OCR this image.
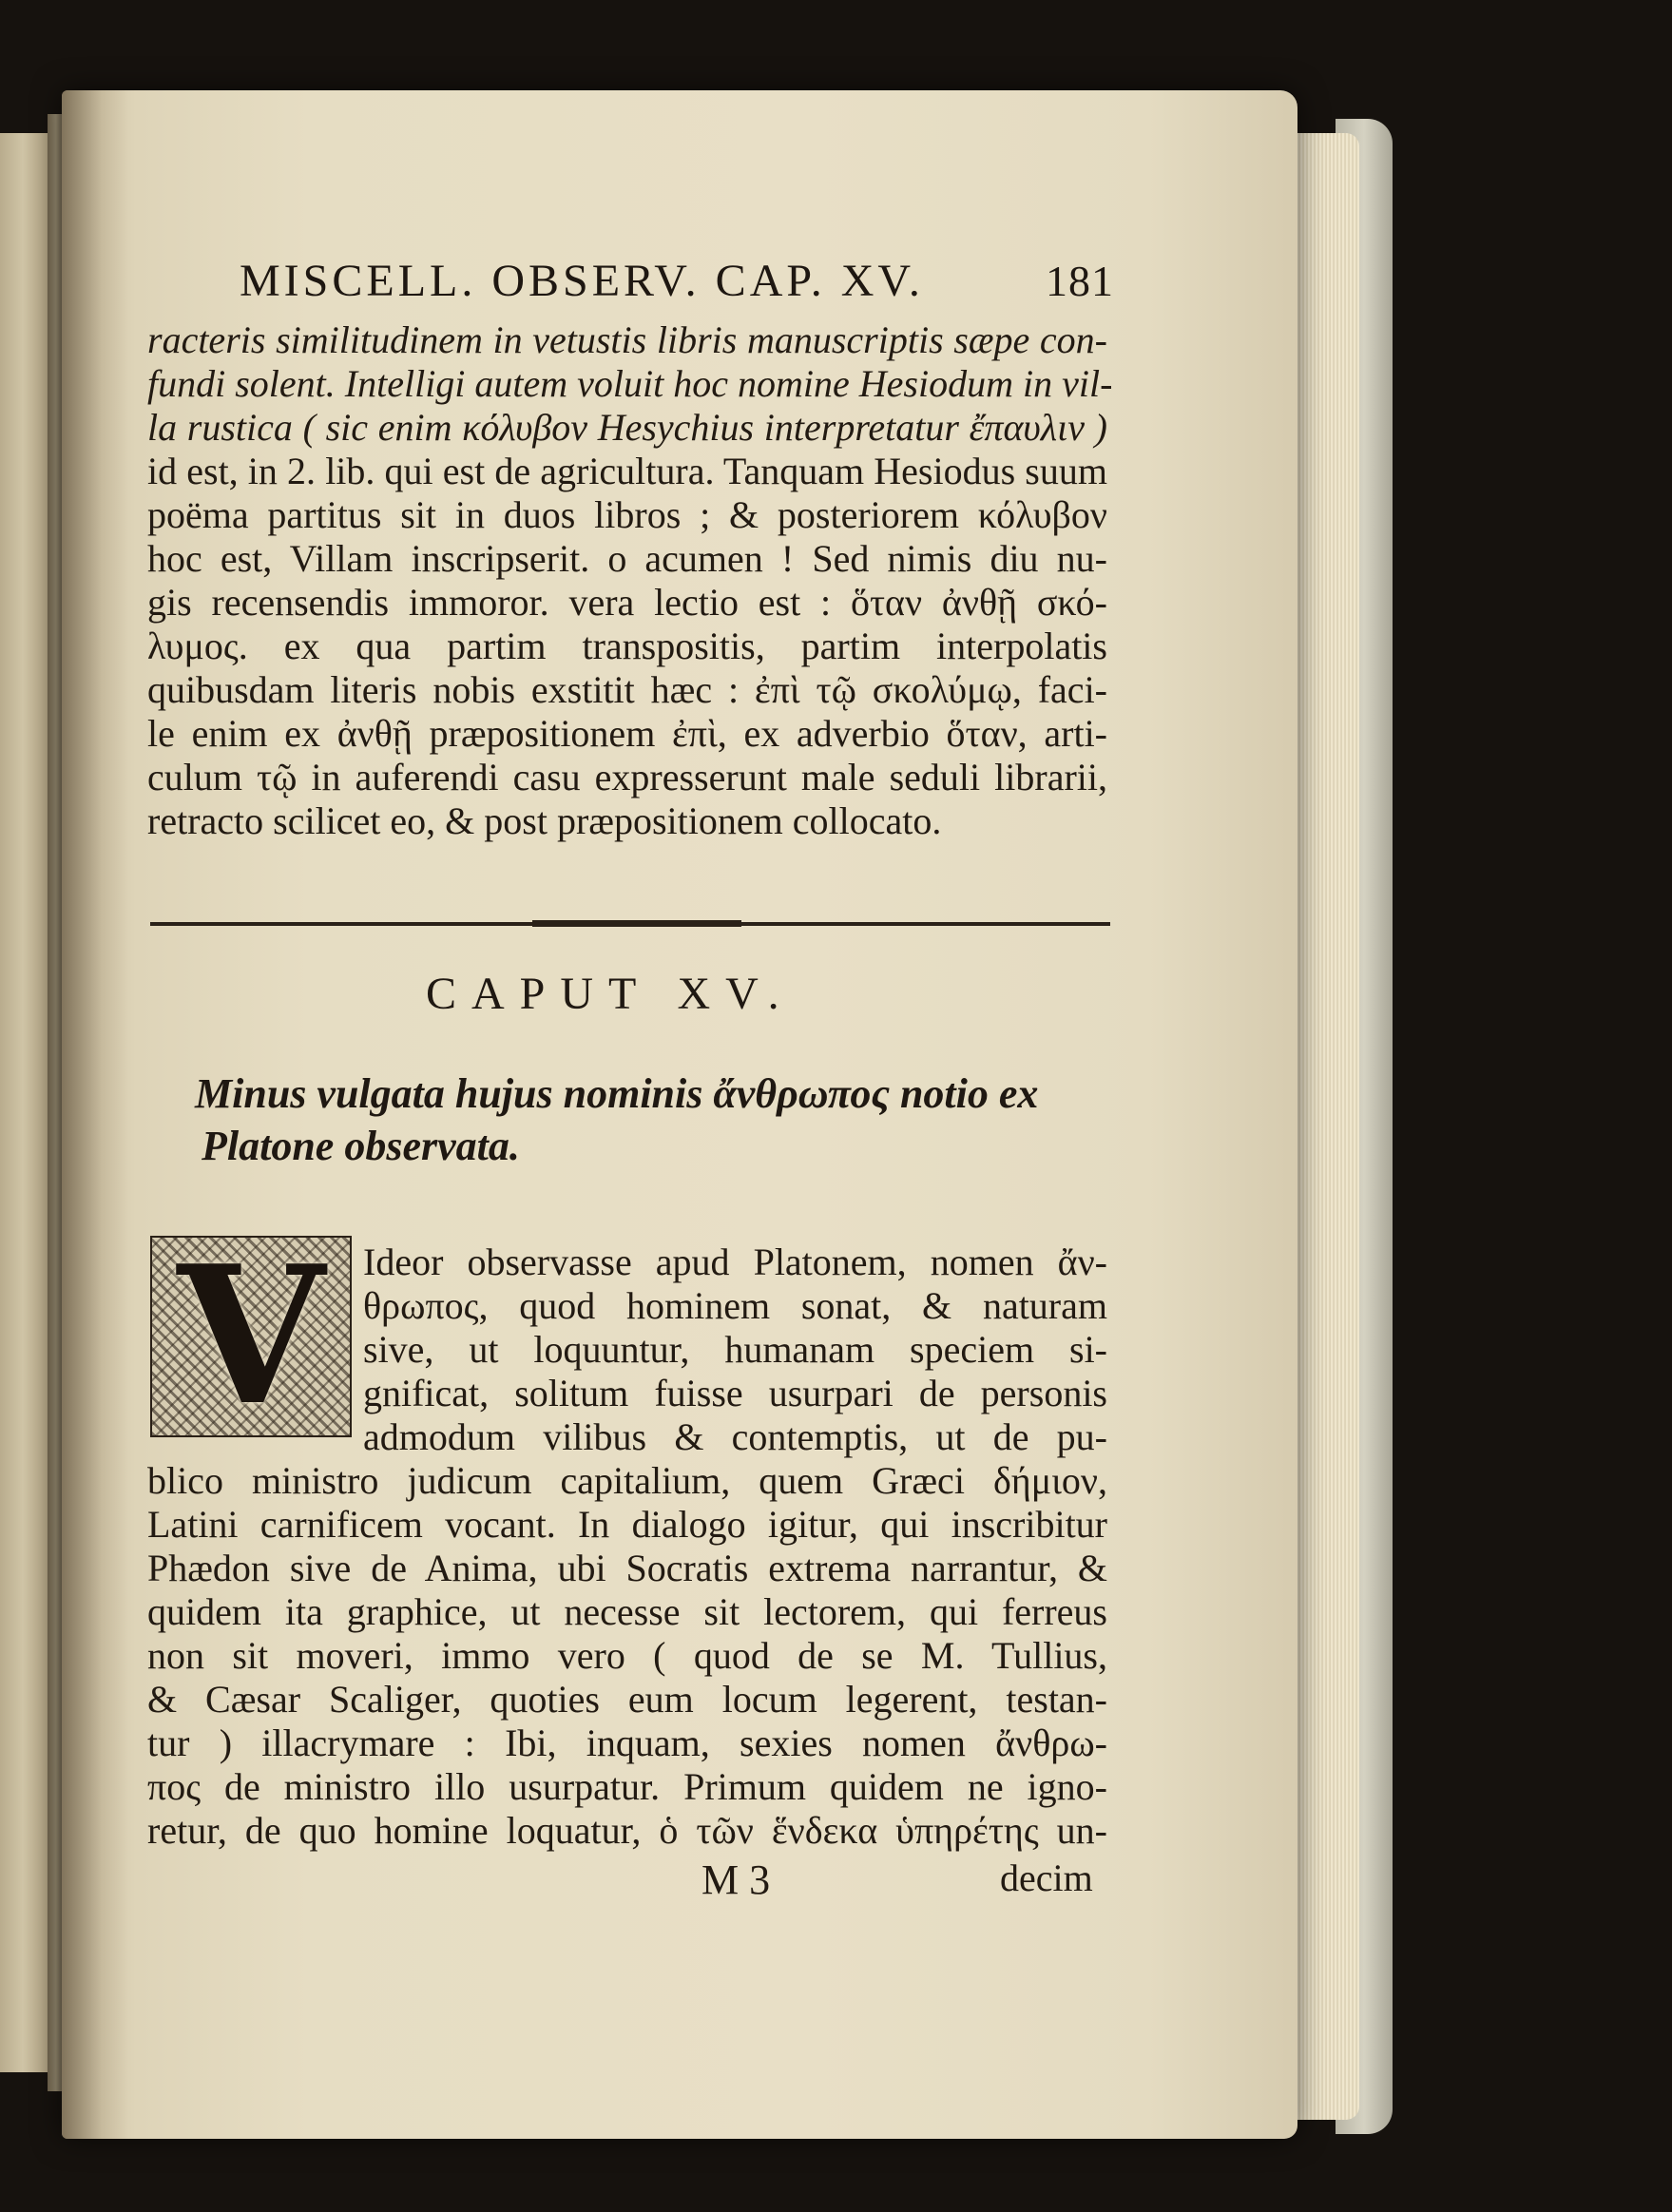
MISCELL. OBSERV. CAP. XV.	181
racteris similitudinem in vetustis libris manuscriptis sæpe con-
fundi solent. Intelligi autem voluit hoc nomine Hesiodum in vil-
la rustica ( sic enim κόλυβον Hesychius interpretatur ἔπαυλιν )
id est, in 2. lib. qui est de agricultura. Tanquam Hesiodus suum
poëma partitus sit in duos libros ; & posteriorem κόλυβον
hoc est, Villam inscripserit. o acumen ! Sed nimis diu nu-
gis recensendis immoror. vera lectio est : ὅταν ἀνθῇ σκό-
λυμος. ex qua partim transpositis, partim interpolatis
quibusdam literis nobis exstitit hæc : ἐπὶ τῷ σκολύμῳ, faci-
le enim ex ἀνθῇ præpositionem ἐπὶ, ex adverbio ὅταν, arti-
culum τῷ in auferendi casu expresserunt male seduli librarii,
retracto scilicet eo, & post præpositionem collocato.
CAPUT XV.
Minus vulgata hujus nominis ἄνθρωπος notio ex
Platone observata.
V Ideor observasse apud Platonem, nomen ἄν-
θρωπος, quod hominem sonat, & naturam
sive, ut loquuntur, humanam speciem si-
gnificat, solitum fuisse usurpari de personis
admodum vilibus & contemptis, ut de pu-
blico ministro judicum capitalium, quem Græci δήμιον,
Latini carnificem vocant. In dialogo igitur, qui inscribitur
Phædon sive de Anima, ubi Socratis extrema narrantur, &
quidem ita graphice, ut necesse sit lectorem, qui ferreus
non sit moveri, immo vero ( quod de se M. Tullius,
& Cæsar Scaliger, quoties eum locum legerent, testan-
tur ) illacrymare : Ibi, inquam, sexies nomen ἄνθρω-
πος de ministro illo usurpatur. Primum quidem ne igno-
retur, de quo homine loquatur, ὁ τῶν ἕνδεκα ὑπηρέτης un-
M 3	decim
